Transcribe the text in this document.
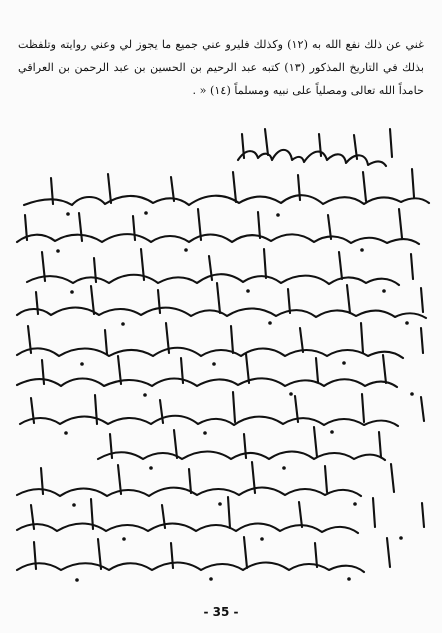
غني عن ذلك نفع الله به (١٢) وكذلك فليرو عني جميع ما يجوز لي وعني روايته وتلفظت بذلك في التاريخ المذكور (١٣) كتبه عبد الرحيم بن الحسين بن عبد الرحمن بن العراقي حامداً الله تعالى ومصلياً على نبيه ومسلماً (١٤) « .
- 35 -
